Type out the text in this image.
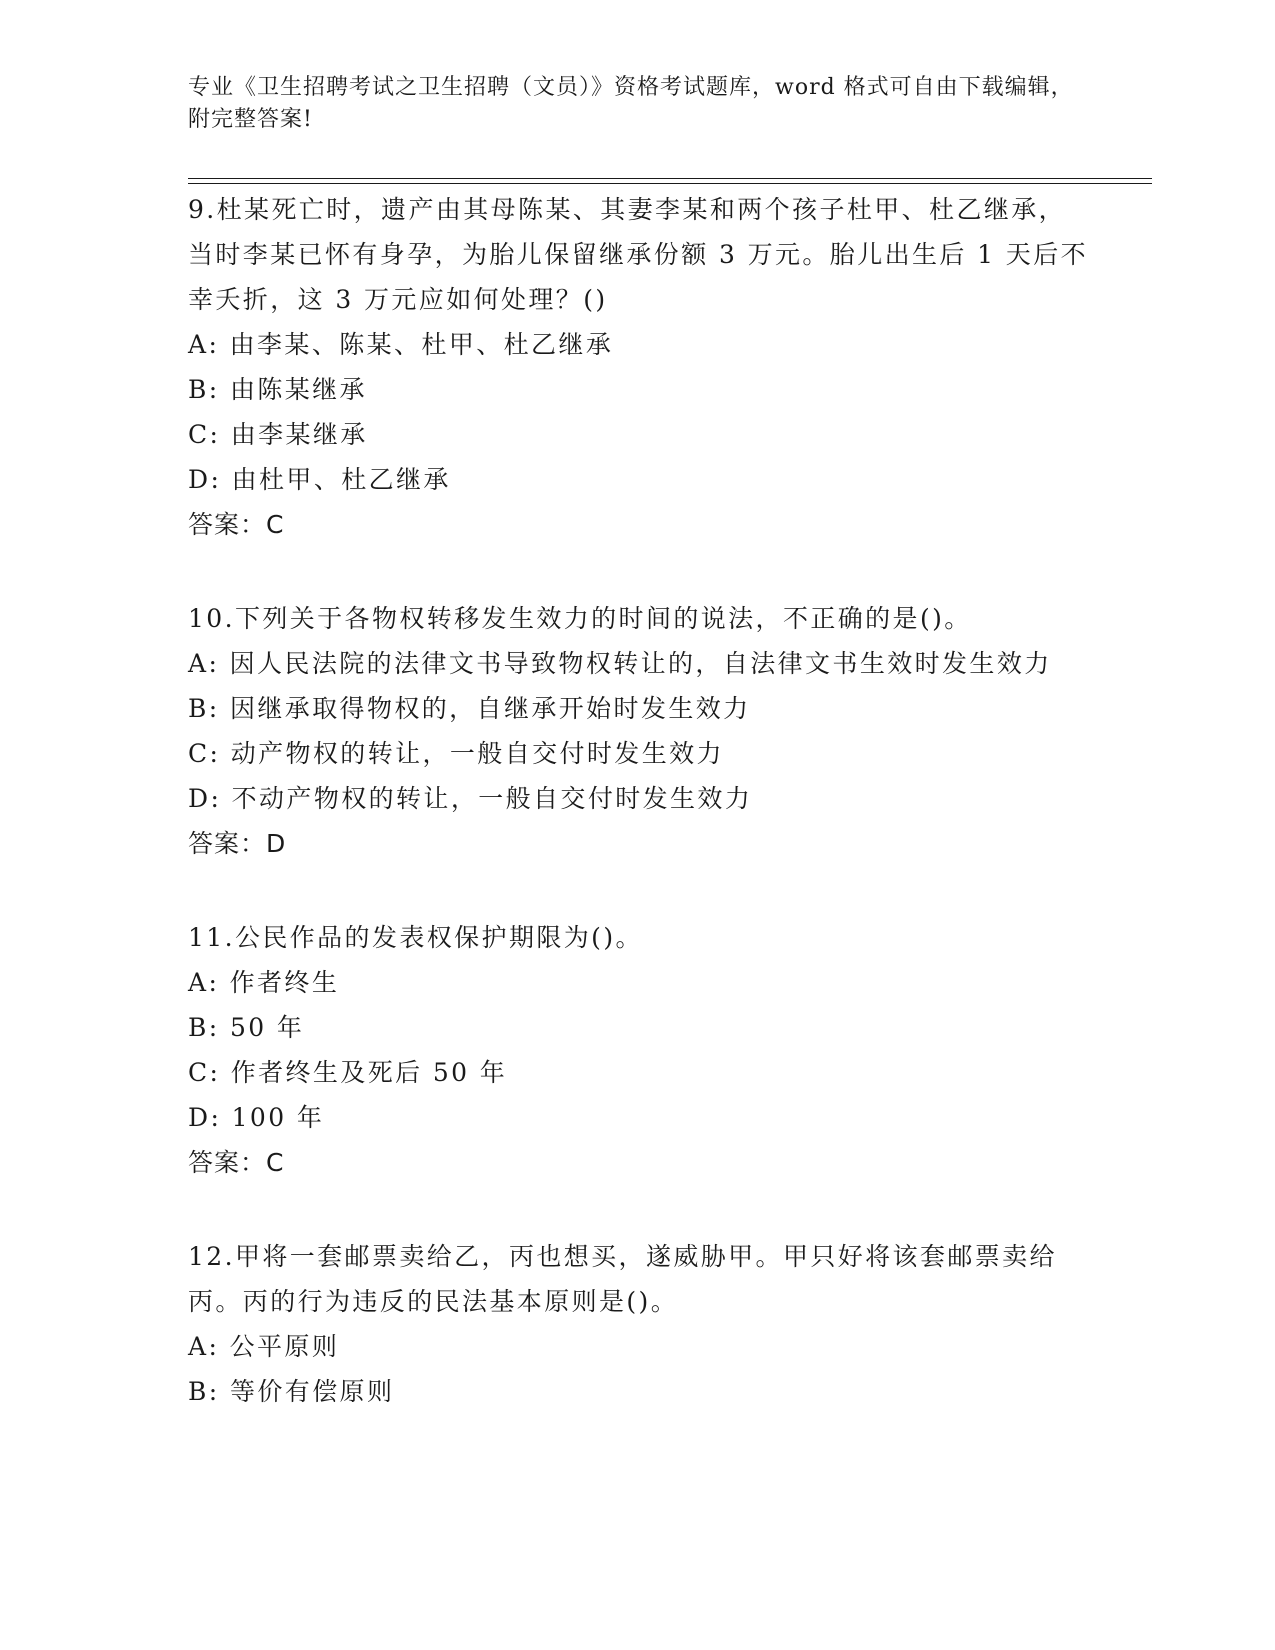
专业《卫生招聘考试之卫生招聘（文员）》资格考试题库，word 格式可自由下载编辑，附完整答案!
9.杜某死亡时，遗产由其母陈某、其妻李某和两个孩子杜甲、杜乙继承，当时李某已怀有身孕，为胎儿保留继承份额 3 万元。胎儿出生后 1 天后不幸夭折，这 3 万元应如何处理？()
A: 由李某、陈某、杜甲、杜乙继承
B: 由陈某继承
C: 由李某继承
D: 由杜甲、杜乙继承
答案：C
10.下列关于各物权转移发生效力的时间的说法，不正确的是()。
A: 因人民法院的法律文书导致物权转让的，自法律文书生效时发生效力
B: 因继承取得物权的，自继承开始时发生效力
C: 动产物权的转让，一般自交付时发生效力
D: 不动产物权的转让，一般自交付时发生效力
答案：D
11.公民作品的发表权保护期限为()。
A: 作者终生
B: 50 年
C: 作者终生及死后 50 年
D: 100 年
答案：C
12.甲将一套邮票卖给乙，丙也想买，遂威胁甲。甲只好将该套邮票卖给丙。丙的行为违反的民法基本原则是()。
A: 公平原则
B: 等价有偿原则
